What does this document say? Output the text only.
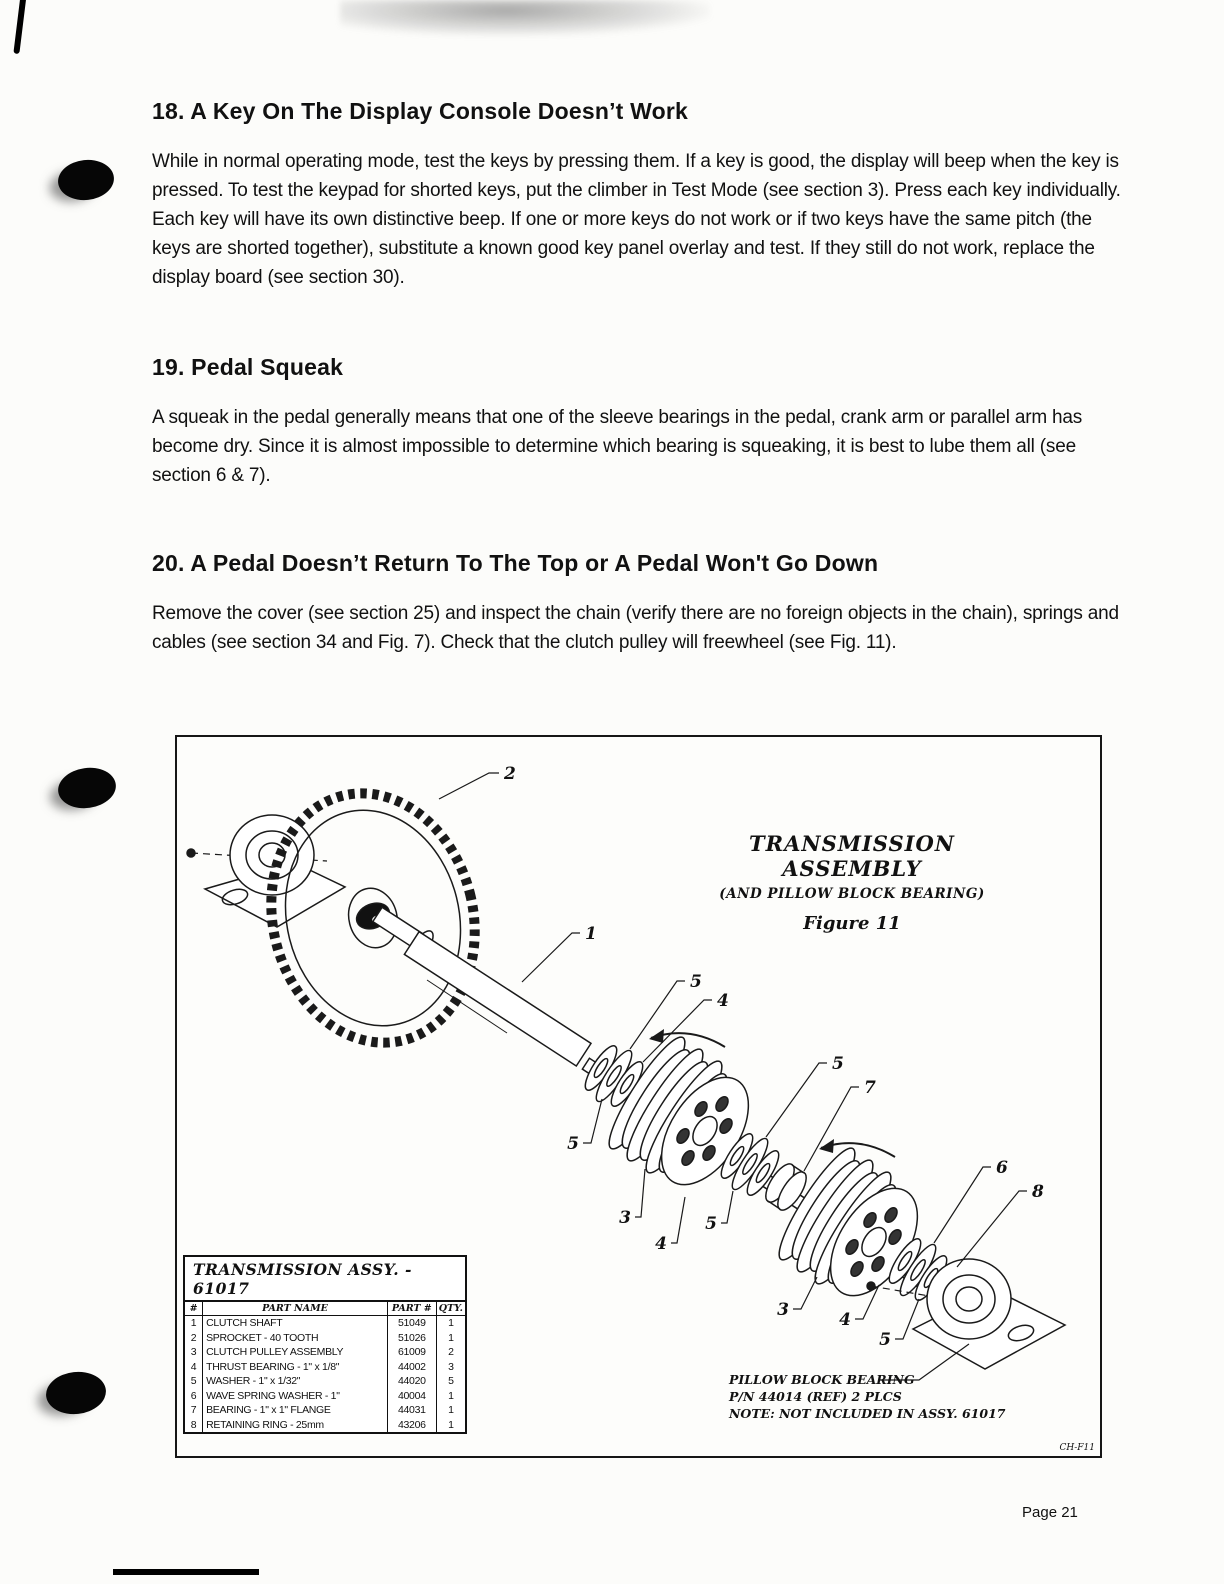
18. A Key On The Display Console Doesn’t Work
While in normal operating mode, test the keys by pressing them. If a key is good, the display will beep when the key is pressed. To test the keypad for shorted keys, put the climber in Test Mode (see section 3). Press each key individually. Each key will have its own distinctive beep. If one or more keys do not work or if two keys have the same pitch (the keys are shorted together), substitute a known good key panel overlay and test. If they still do not work, replace the display board (see section 30).
19. Pedal Squeak
A squeak in the pedal generally means that one of the sleeve bearings in the pedal, crank arm or parallel arm has become dry. Since it is almost impossible to determine which bearing is squeaking, it is best to lube them all (see section 6 & 7).
20. A Pedal Doesn’t Return To The Top or A Pedal Won't Go Down
Remove the cover (see section 25) and inspect the chain (verify there are no foreign objects in the chain), springs and cables (see section 34 and Fig. 7). Check that the clutch pulley will freewheel (see Fig. 11).
2
1
5
4
5
7
5
3
4
5
6
8
3	4
5
TRANSMISSION ASSEMBLY
(AND PILLOW BLOCK BEARING)
Figure 11
TRANSMISSION ASSY. - 61017
#	PART NAME	PART #	QTY.
1	CLUTCH SHAFT	51049	1
2	SPROCKET - 40 TOOTH	51026	1
3	CLUTCH PULLEY ASSEMBLY	61009	2
4	THRUST BEARING - 1" x 1/8"	44002	3
5	WASHER - 1" x 1/32"	44020	5
6	WAVE SPRING WASHER - 1"	40004	1
7	BEARING - 1" x 1" FLANGE	44031	1
8	RETAINING RING - 25mm	43206	1
PILLOW BLOCK BEARING
P/N 44014 (REF) 2 PLCS
NOTE: NOT INCLUDED IN ASSY. 61017
CH-F11
Page 21
